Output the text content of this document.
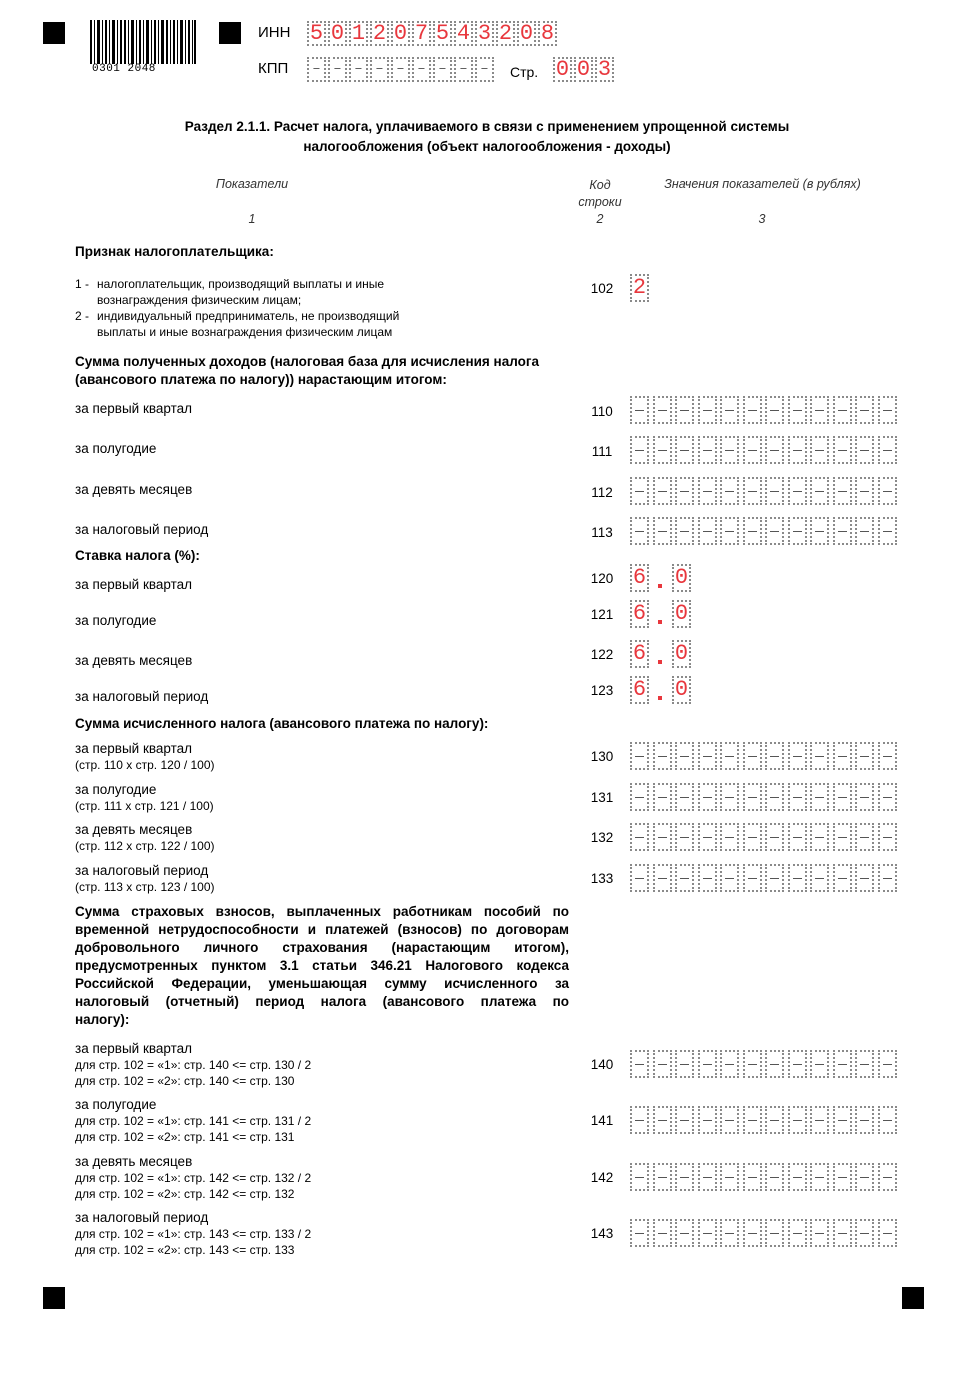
0301 2048
ИНН 5 0 1 2 0 7 5 4 3 2 0 8
КПП	– – – – – – – – –	Стр. 0 0 3
Раздел 2.1.1. Расчет налога, уплачиваемого в связи с применением упрощенной системы
налогообложения (объект налогообложения - доходы)
Показатели	Код
строки
Значения показателей (в рублях)
1	2	3
Признак налогоплательщика:
1 - налогоплательщик, производящий выплаты и иные
вознаграждения физическим лицам;
2 - индивидуальный предприниматель, не производящий
выплаты и иные вознаграждения физическим лицам
102 2
Сумма полученных доходов (налоговая база для исчисления налога
(авансового платежа по налогу)) нарастающим итогом:
за первый квартал	110
за полугодие	111
за девять месяцев	112
за налоговый период	113
Ставка налога (%):
за первый квартал	120 6 0
за полугодие	121 6 0
за девять месяцев	122 6 0
за налоговый период	123 6 0
Сумма исчисленного налога (авансового платежа по налогу):
за первый квартал
(стр. 110 х стр. 120 / 100)
130
за полугодие
(стр. 111 х стр. 121 / 100)
131
за девять месяцев
(стр. 112 х стр. 122 / 100)
132
за налоговый период
(стр. 113 х стр. 123 / 100)
133
Сумма страховых взносов, выплаченных работникам пособий по
временной нетрудоспособности и платежей (взносов) по договорам
добровольного личного страхования (нарастающим итогом),
предусмотренных пунктом 3.1 статьи 346.21 Налогового кодекса
Российской Федерации, уменьшающая сумму исчисленного за
налоговый (отчетный) период налога (авансового платежа по
налогу):
за первый квартал
для стр. 102 = «1»: стр. 140 <= стр. 130 / 2
для стр. 102 = «2»: стр. 140 <= стр. 130
140
за полугодие
для стр. 102 = «1»: стр. 141 <= стр. 131 / 2
для стр. 102 = «2»: стр. 141 <= стр. 131
141
за девять месяцев
для стр. 102 = «1»: стр. 142 <= стр. 132 / 2
для стр. 102 = «2»: стр. 142 <= стр. 132
142
за налоговый период
для стр. 102 = «1»: стр. 143 <= стр. 133 / 2
для стр. 102 = «2»: стр. 143 <= стр. 133
143
